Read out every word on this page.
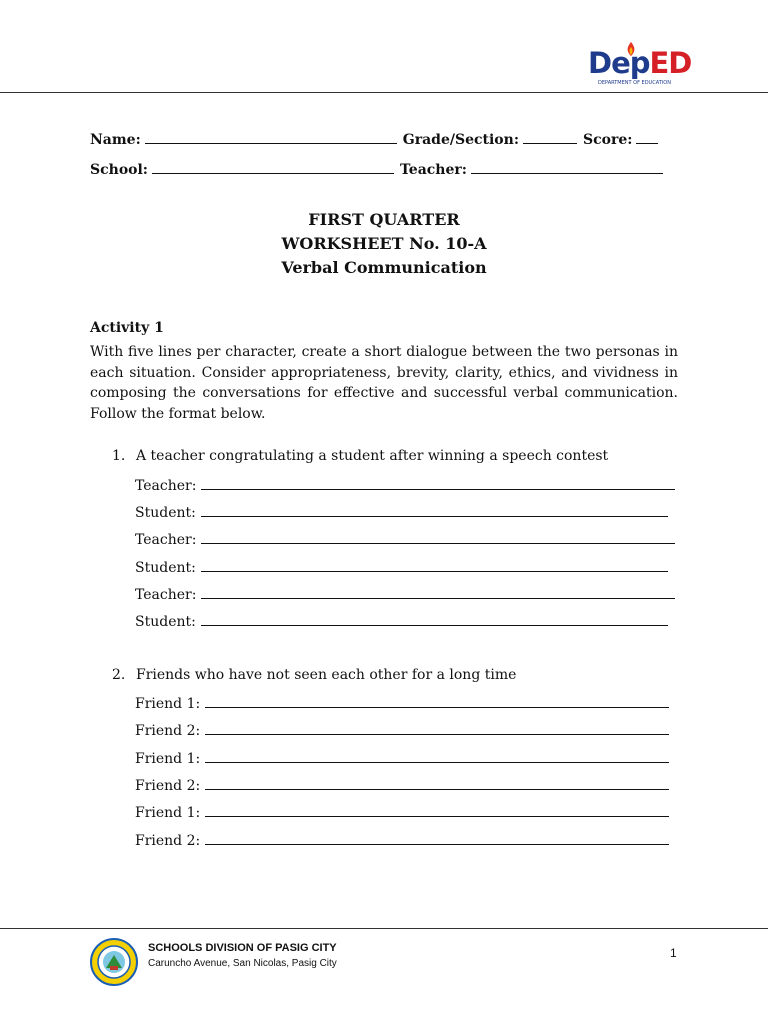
DepED
DEPARTMENT OF EDUCATION
Name:	Grade/Section:	Score:
School:	Teacher:
FIRST QUARTER
WORKSHEET No. 10-A
Verbal Communication
Activity 1
With five lines per character, create a short dialogue between the two personas in each situation. Consider appropriateness, brevity, clarity, ethics, and vividness in composing the conversations for effective and successful verbal communication. Follow the format below.
1. A teacher congratulating a student after winning a speech contest
Teacher:
Student:
Teacher:
Student:
Teacher:
Student:
2. Friends who have not seen each other for a long time
Friend 1:
Friend 2:
Friend 1:
Friend 2:
Friend 1:
Friend 2:
SCHOOLS DIVISION OF PASIG CITY
Caruncho Avenue, San Nicolas, Pasig City
1
